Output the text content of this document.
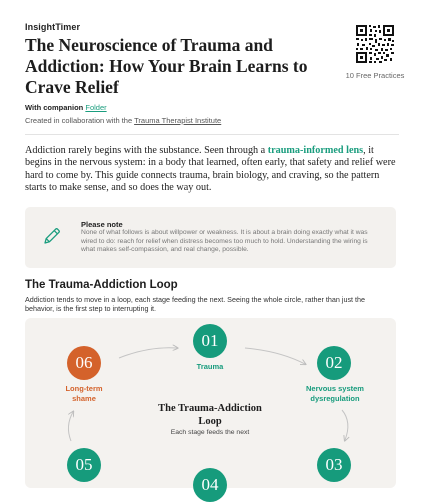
InsightTimer
10 Free Practices
The Neuroscience of Trauma and Addiction: How Your Brain Learns to Crave Relief
With companion Folder
Created in collaboration with the Trauma Therapist Institute

Addiction rarely begins with the substance. Seen through a trauma-informed lens, it begins in the nervous system: in a body that learned, often early, that safety and relief were hard to come by. This guide connects trauma, brain biology, and craving, so the pattern starts to make sense, and so does the way out.

Please note
None of what follows is about willpower or weakness. It is about a brain doing exactly what it was wired to do: reach for relief when distress becomes too much to hold. Understanding the wiring is what makes self-compassion, and real change, possible.
The Trauma-Addiction Loop

Addiction tends to move in a loop, each stage feeding the next. Seeing the whole circle, rather than just the behavior, is the first step to interrupting it.

01
Trauma	02
Nervous system dysregulation
03
04
05
06
Long-term shame
The Trauma-Addiction Loop
Each stage feeds the next
